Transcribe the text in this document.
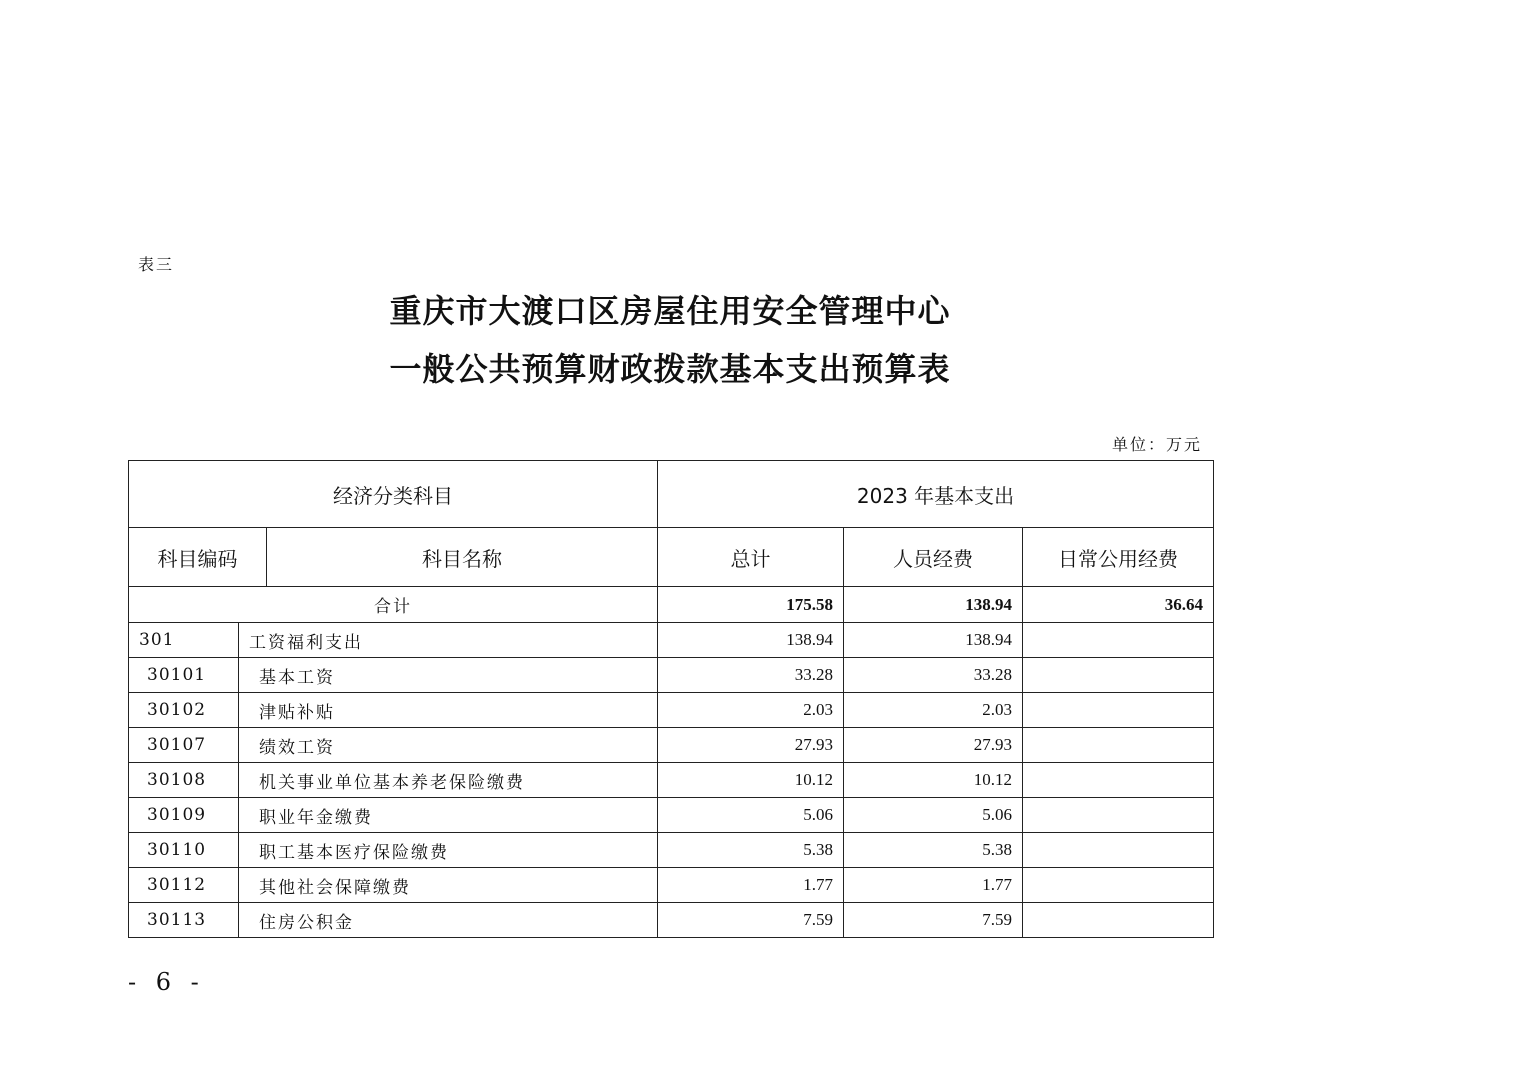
表三
重庆市大渡口区房屋住用安全管理中心
一般公共预算财政拨款基本支出预算表
单位：万元
经济分类科目			2023 年基本支出		
科目编码		科目名称	总计	人员经费	日常公用经费
合计			175.58	138.94	36.64
301	工资福利支出		138.94	138.94	
30101	基本工资		33.28	33.28	
30102	津贴补贴		2.03	2.03	
30107	绩效工资		27.93	27.93	
30108	机关事业单位基本养老保险缴费		10.12	10.12	
30109	职业年金缴费		5.06	5.06	
30110	职工基本医疗保险缴费		5.38	5.38	
30112	其他社会保障缴费		1.77	1.77	
30113	住房公积金		7.59	7.59	
- 6 -
